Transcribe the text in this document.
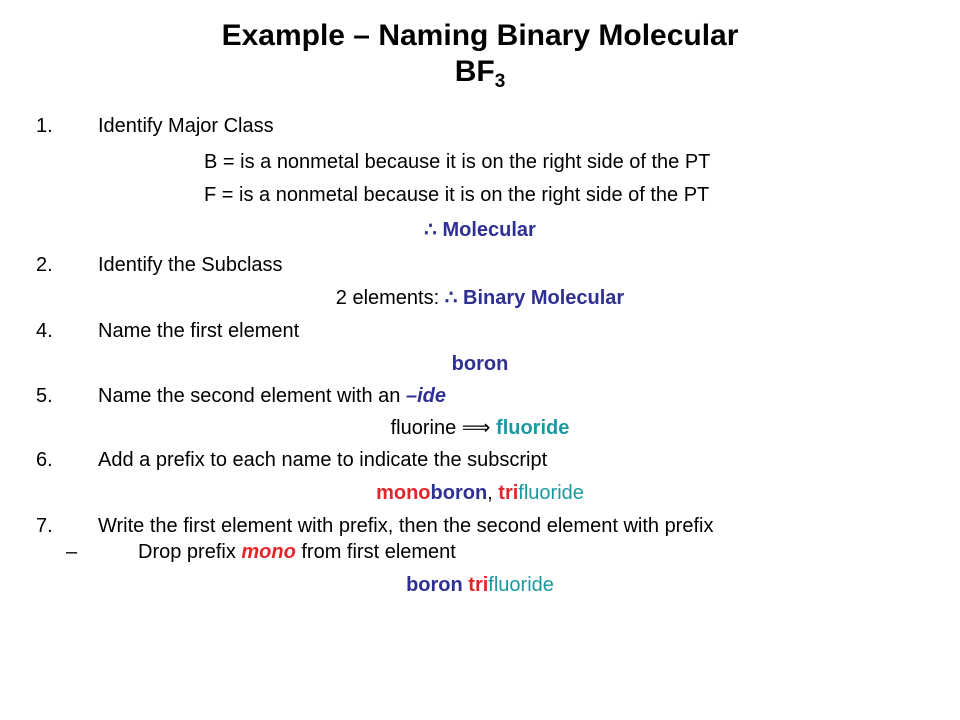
Example – Naming Binary Molecular
$BF_3$
1. Identify Major Class
B = is a nonmetal because it is on the right side of the PT
F = is a nonmetal because it is on the right side of the PT
∴ Molecular
2. Identify the Subclass
2 elements: ∴ Binary Molecular
4. Name the first element
boron
5. Name the second element with an –ide
fluorine ⟹ fluoride
6. Add a prefix to each name to indicate the subscript
monoboron, trifluoride
7. Write the first element with prefix, then the second element with prefix
–	Drop prefix mono from first element
boron trifluoride
